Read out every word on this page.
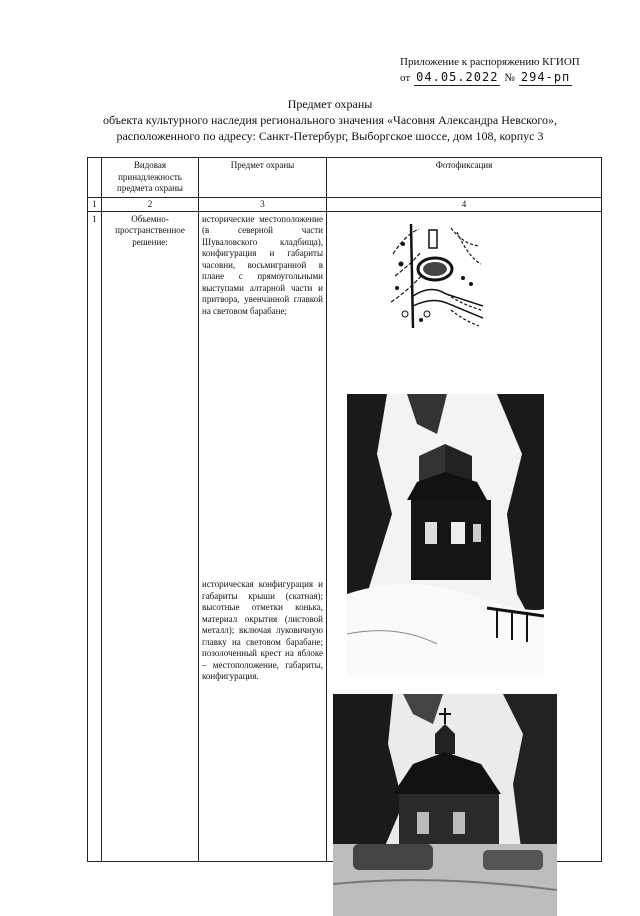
Приложение к распоряжению КГИОП
от 04.05.2022 № 294-рп
Предмет охраны
объекта культурного наследия регионального значения «Часовня Александра Невского»,
расположенного по адресу: Санкт-Петербург, Выборгское шоссе, дом 108, корпус 3
	Видовая принадлежность предмета охраны	Предмет охраны	Фотофиксация
1	2	3	4
1	Объемно-пространственное решение:	исторические местоположение (в северной части Шуваловского кладбища), конфигурация и габариты часовни, восьмигранной в плане с прямоугольными выступами алтарной части и притвора, увенчанной главкой на световом барабане;
историческая конфигурация и габариты крыши (скатная); высотные отметки конька, материал окрытия (листовой металл); включая луковичную главку на световом барабане; позолоченный крест на яблоке – местоположение, габариты, конфигурация.
